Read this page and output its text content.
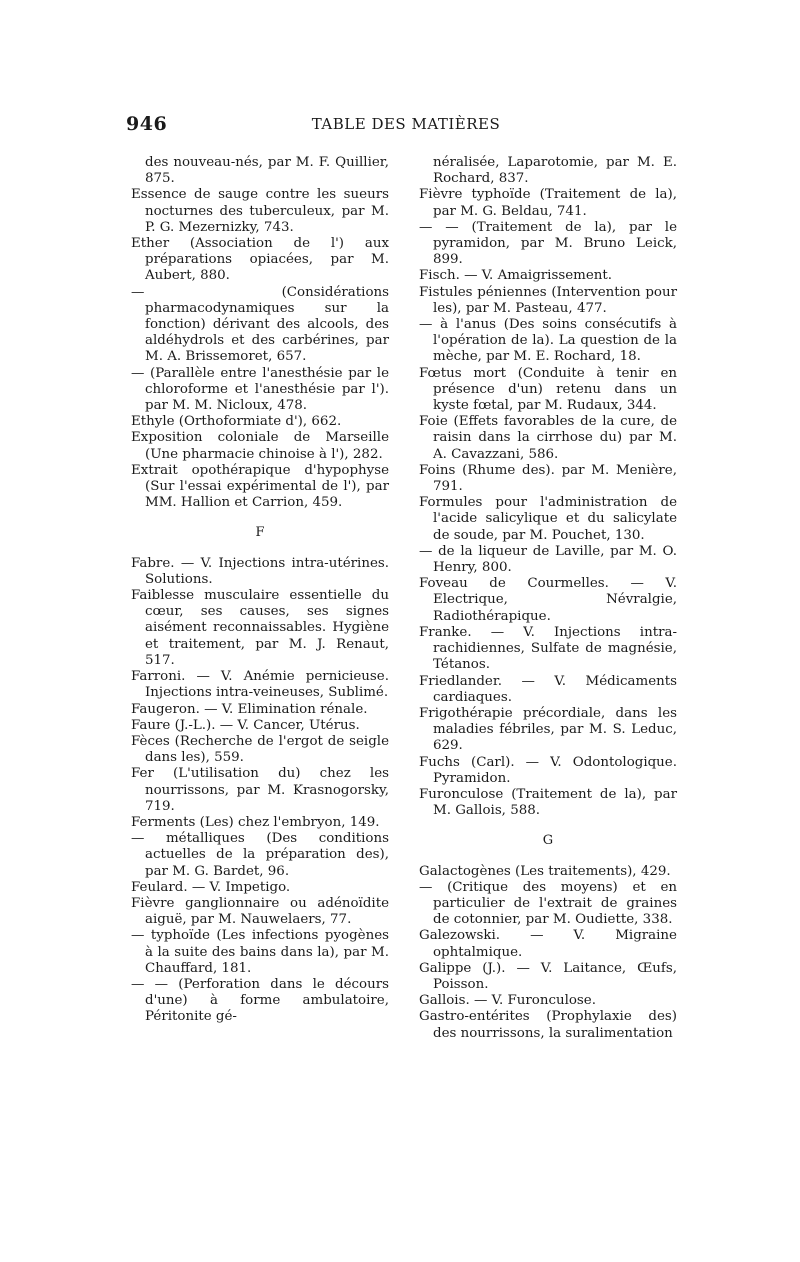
946	TABLE DES MATIÈRES
des nouveau-nés, par M. F. Quillier, 875.
Essence de sauge contre les sueurs nocturnes des tuberculeux, par M. P. G. Mezernizky, 743.
Ether (Association de l') aux préparations opiacées, par M. Aubert, 880.
— (Considérations pharmacodynamiques sur la fonction) dérivant des alcools, des aldéhydrols et des carbérines, par M. A. Brissemoret, 657.
— (Parallèle entre l'anesthésie par le chloroforme et l'anesthésie par l'). par M. M. Nicloux, 478.
Ethyle (Orthoformiate d'), 662.
Exposition coloniale de Marseille (Une pharmacie chinoise à l'), 282.
Extrait opothérapique d'hypophyse (Sur l'essai expérimental de l'), par MM. Hallion et Carrion, 459.
F
Fabre. — V. Injections intra-utérines. Solutions.
Faiblesse musculaire essentielle du cœur, ses causes, ses signes aisément reconnaissables. Hygiène et traitement, par M. J. Renaut, 517.
Farroni. — V. Anémie pernicieuse. Injections intra-veineuses, Sublimé.
Faugeron. — V. Elimination rénale.
Faure (J.-L.). — V. Cancer, Utérus.
Fèces (Recherche de l'ergot de seigle dans les), 559.
Fer (L'utilisation du) chez les nourrissons, par M. Krasnogorsky, 719.
Ferments (Les) chez l'embryon, 149.
— métalliques (Des conditions actuelles de la préparation des), par M. G. Bardet, 96.
Feulard. — V. Impetigo.
Fièvre ganglionnaire ou adénoïdite aiguë, par M. Nauwelaers, 77.
— typhoïde (Les infections pyogènes à la suite des bains dans la), par M. Chauffard, 181.
— — (Perforation dans le décours d'une) à forme ambulatoire, Péritonite gé-
néralisée, Laparotomie, par M. E. Rochard, 837.
Fièvre typhoïde (Traitement de la), par M. G. Beldau, 741.
— — (Traitement de la), par le pyramidon, par M. Bruno Leick, 899.
Fisch. — V. Amaigrissement.
Fistules péniennes (Intervention pour les), par M. Pasteau, 477.
— à l'anus (Des soins consécutifs à l'opération de la). La question de la mèche, par M. E. Rochard, 18.
Fœtus mort (Conduite à tenir en présence d'un) retenu dans un kyste fœtal, par M. Rudaux, 344.
Foie (Effets favorables de la cure, de raisin dans la cirrhose du) par M. A. Cavazzani, 586.
Foins (Rhume des). par M. Menière, 791.
Formules pour l'administration de l'acide salicylique et du salicylate de soude, par M. Pouchet, 130.
— de la liqueur de Laville, par M. O. Henry, 800.
Foveau de Courmelles. — V. Electrique, Névralgie, Radiothérapique.
Franke. — V. Injections intra-rachidiennes, Sulfate de magnésie, Tétanos.
Friedlander. — V. Médicaments cardiaques.
Frigothérapie précordiale, dans les maladies fébriles, par M. S. Leduc, 629.
Fuchs (Carl). — V. Odontologique. Pyramidon.
Furonculose (Traitement de la), par M. Gallois, 588.
G
Galactogènes (Les traitements), 429.
— (Critique des moyens) et en particulier de l'extrait de graines de cotonnier, par M. Oudiette, 338.
Galezowski. — V. Migraine ophtalmique.
Galippe (J.). — V. Laitance, Œufs, Poisson.
Gallois. — V. Furonculose.
Gastro-entérites (Prophylaxie des) des nourrissons, la suralimentation
